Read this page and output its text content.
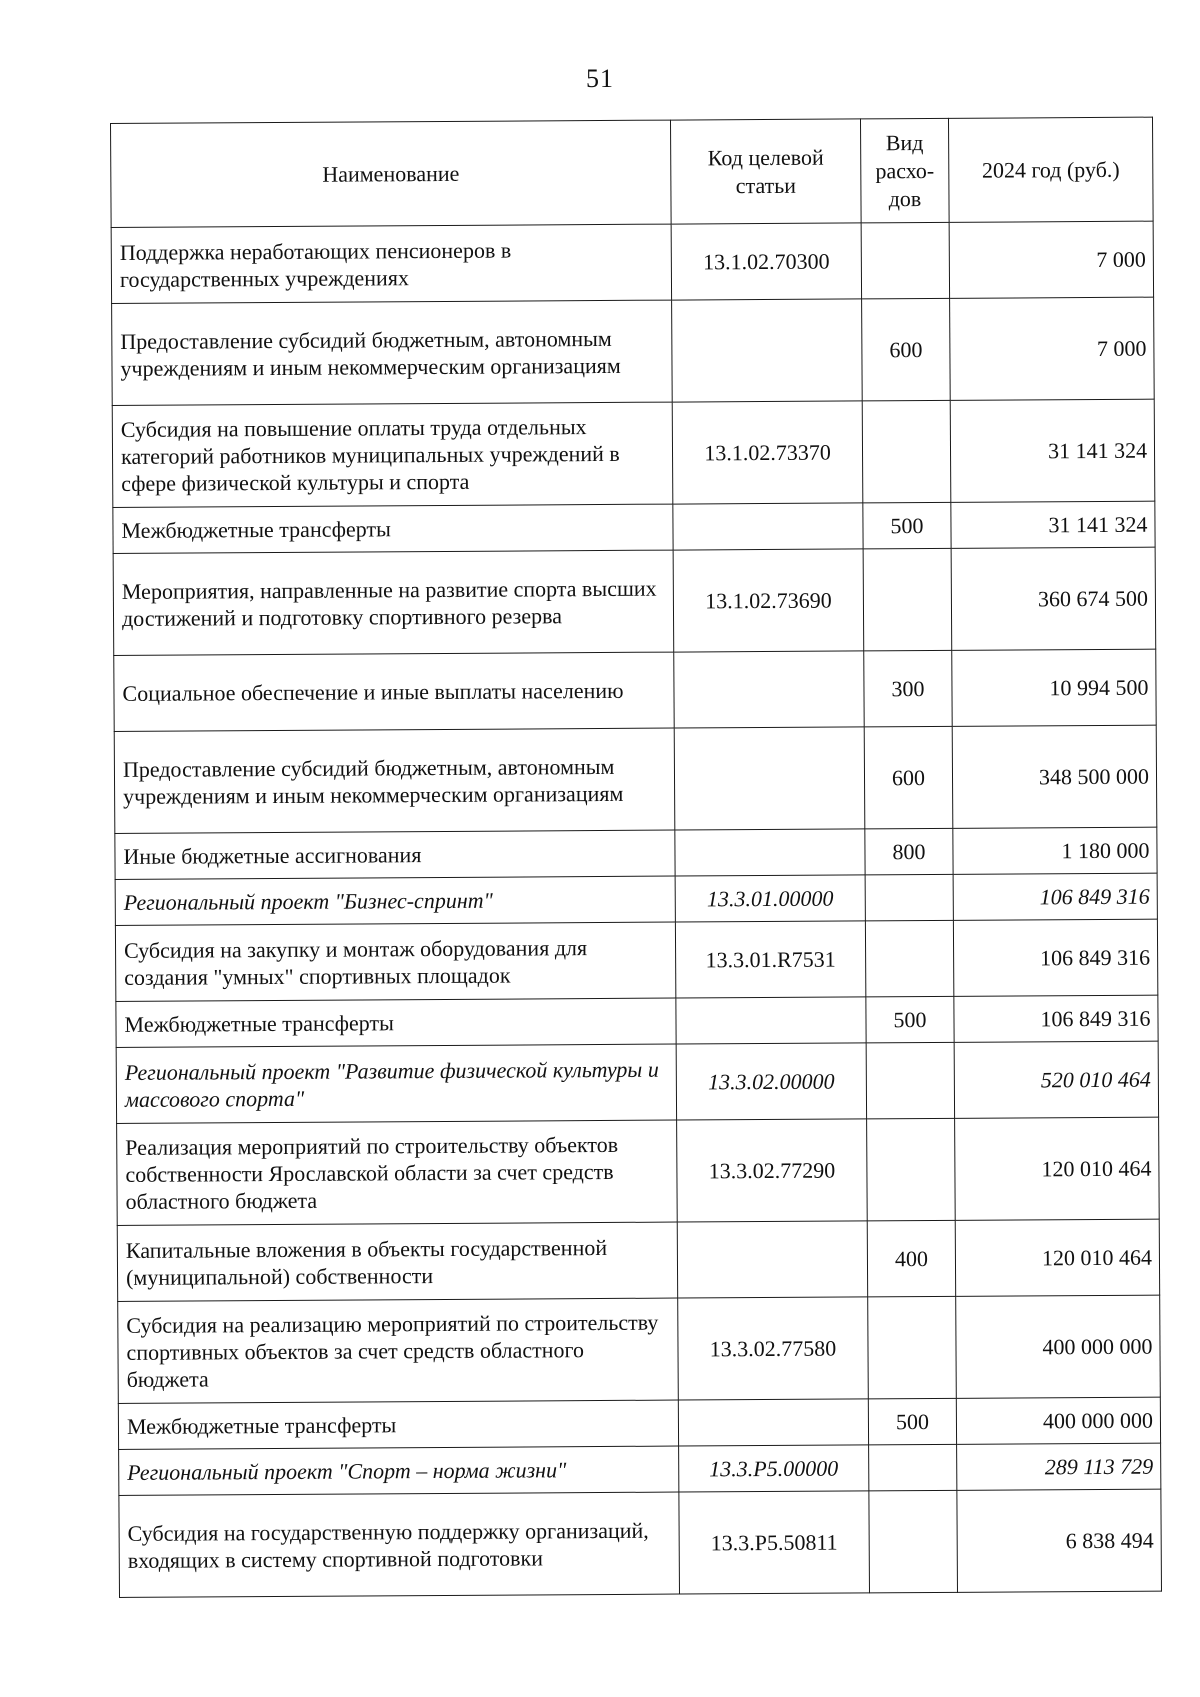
51
Наименование	Код целевой статьи	Вид расхо-дов	2024 год (руб.)
Поддержка неработающих пенсионеров в государственных учреждениях	13.1.02.70300		7 000
Предоставление субсидий бюджетным, автономным учреждениям и иным некоммерческим организациям		600	7 000
Субсидия на повышение оплаты труда отдельных категорий работников муниципальных учреждений в сфере физической культуры и спорта	13.1.02.73370		31 141 324
Межбюджетные трансферты		500	31 141 324
Мероприятия, направленные на развитие спорта высших достижений и подготовку спортивного резерва	13.1.02.73690		360 674 500
Социальное обеспечение и иные выплаты населению		300	10 994 500
Предоставление субсидий бюджетным, автономным учреждениям и иным некоммерческим организациям		600	348 500 000
Иные бюджетные ассигнования		800	1 180 000
Региональный проект "Бизнес-спринт"	13.3.01.00000		106 849 316
Субсидия на закупку и монтаж оборудования для создания "умных" спортивных площадок	13.3.01.R7531		106 849 316
Межбюджетные трансферты		500	106 849 316
Региональный проект "Развитие физической культуры и массового спорта"	13.3.02.00000		520 010 464
Реализация мероприятий по строительству объектов собственности Ярославской области за счет средств областного бюджета	13.3.02.77290		120 010 464
Капитальные вложения в объекты государственной (муниципальной) собственности		400	120 010 464
Субсидия на реализацию мероприятий по строительству спортивных объектов за счет средств областного бюджета	13.3.02.77580		400 000 000
Межбюджетные трансферты		500	400 000 000
Региональный проект "Спорт – норма жизни"	13.3.P5.00000		289 113 729
Субсидия на государственную поддержку организаций, входящих в систему спортивной подготовки	13.3.P5.50811		6 838 494
